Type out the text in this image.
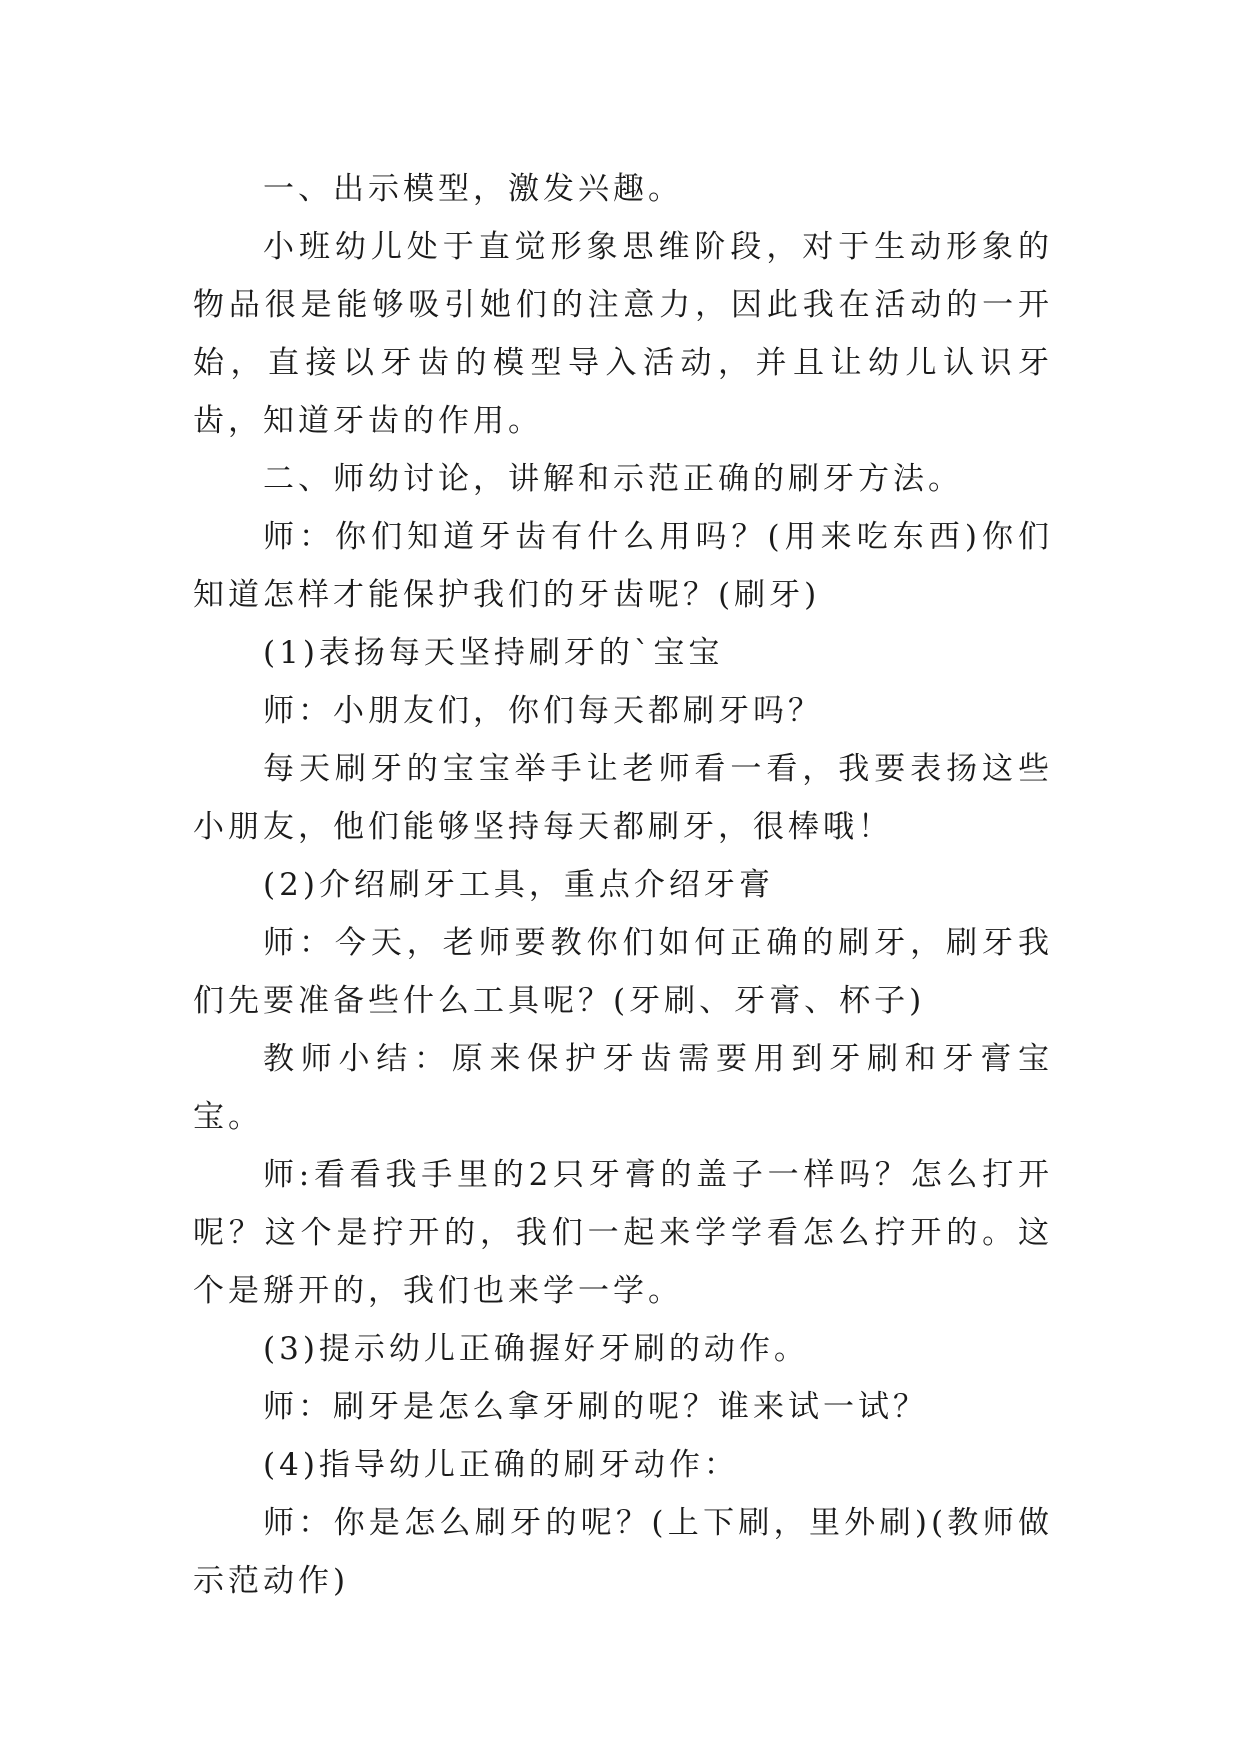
一、出示模型，激发兴趣。

小班幼儿处于直觉形象思维阶段，对于生动形象的物品很是能够吸引她们的注意力，因此我在活动的一开始，直接以牙齿的模型导入活动，并且让幼儿认识牙齿，知道牙齿的作用。

二、师幼讨论，讲解和示范正确的刷牙方法。

师：你们知道牙齿有什么用吗？(用来吃东西)你们知道怎样才能保护我们的牙齿呢？(刷牙)

(1)表扬每天坚持刷牙的`宝宝

师：小朋友们，你们每天都刷牙吗？

每天刷牙的宝宝举手让老师看一看，我要表扬这些小朋友，他们能够坚持每天都刷牙，很棒哦！

(2)介绍刷牙工具，重点介绍牙膏

师：今天，老师要教你们如何正确的刷牙，刷牙我们先要准备些什么工具呢？(牙刷、牙膏、杯子)

教师小结：原来保护牙齿需要用到牙刷和牙膏宝宝。

师:看看我手里的2只牙膏的盖子一样吗？怎么打开呢？这个是拧开的，我们一起来学学看怎么拧开的。这个是掰开的，我们也来学一学。

(3)提示幼儿正确握好牙刷的动作。

师：刷牙是怎么拿牙刷的呢？谁来试一试？

(4)指导幼儿正确的刷牙动作：

师：你是怎么刷牙的呢？(上下刷，里外刷)(教师做示范动作)
